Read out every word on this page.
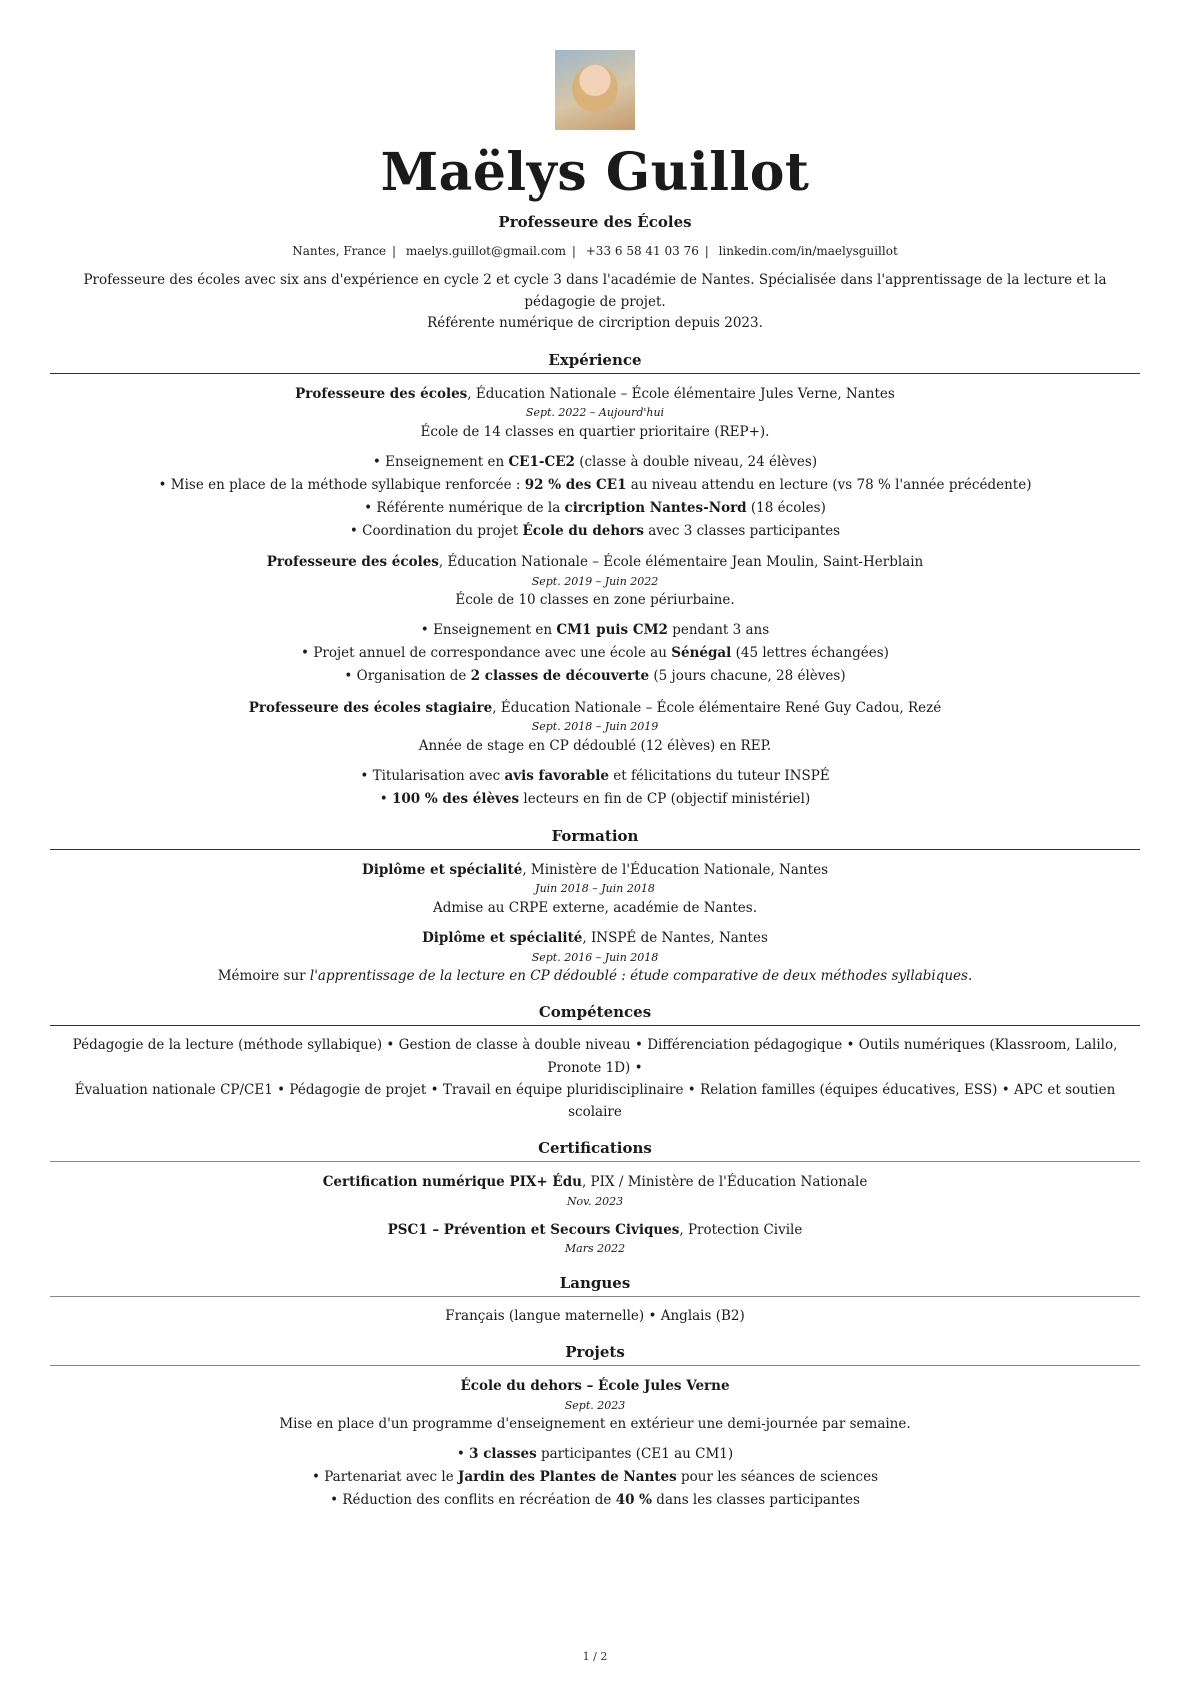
Maëlys Guillot
Professeure des Écoles
Nantes, France | maelys.guillot@gmail.com | +33 6 58 41 03 76 | linkedin.com/in/maelysguillot
Professeure des écoles avec six ans d'expérience en cycle 2 et cycle 3 dans l'académie de Nantes. Spécialisée dans l'apprentissage de la lecture et la pédagogie de projet.
Référente numérique de circription depuis 2023.
Expérience
Professeure des écoles, Éducation Nationale – École élémentaire Jules Verne, Nantes
Sept. 2022 – Aujourd'hui
École de 14 classes en quartier prioritaire (REP+).
• Enseignement en CE1-CE2 (classe à double niveau, 24 élèves)
• Mise en place de la méthode syllabique renforcée : 92 % des CE1 au niveau attendu en lecture (vs 78 % l'année précédente)
• Référente numérique de la circription Nantes-Nord (18 écoles)
• Coordination du projet École du dehors avec 3 classes participantes
Professeure des écoles, Éducation Nationale – École élémentaire Jean Moulin, Saint-Herblain
Sept. 2019 – Juin 2022
École de 10 classes en zone périurbaine.
• Enseignement en CM1 puis CM2 pendant 3 ans
• Projet annuel de correspondance avec une école au Sénégal (45 lettres échangées)
• Organisation de 2 classes de découverte (5 jours chacune, 28 élèves)
Professeure des écoles stagiaire, Éducation Nationale – École élémentaire René Guy Cadou, Rezé
Sept. 2018 – Juin 2019
Année de stage en CP dédoublé (12 élèves) en REP.
• Titularisation avec avis favorable et félicitations du tuteur INSPÉ
• 100 % des élèves lecteurs en fin de CP (objectif ministériel)
Formation
Diplôme et spécialité, Ministère de l'Éducation Nationale, Nantes
Juin 2018 – Juin 2018
Admise au CRPE externe, académie de Nantes.
Diplôme et spécialité, INSPÉ de Nantes, Nantes
Sept. 2016 – Juin 2018
Mémoire sur l'apprentissage de la lecture en CP dédoublé : étude comparative de deux méthodes syllabiques.
Compétences
Pédagogie de la lecture (méthode syllabique) • Gestion de classe à double niveau • Différenciation pédagogique • Outils numériques (Klassroom, Lalilo, Pronote 1D) •
Évaluation nationale CP/CE1 • Pédagogie de projet • Travail en équipe pluridisciplinaire • Relation familles (équipes éducatives, ESS) • APC et soutien scolaire
Certifications
Certification numérique PIX+ Édu, PIX / Ministère de l'Éducation Nationale
Nov. 2023
PSC1 – Prévention et Secours Civiques, Protection Civile
Mars 2022
Langues
Français (langue maternelle) • Anglais (B2)
Projets
École du dehors – École Jules Verne
Sept. 2023
Mise en place d'un programme d'enseignement en extérieur une demi-journée par semaine.
• 3 classes participantes (CE1 au CM1)
• Partenariat avec le Jardin des Plantes de Nantes pour les séances de sciences
• Réduction des conflits en récréation de 40 % dans les classes participantes
1 / 2
